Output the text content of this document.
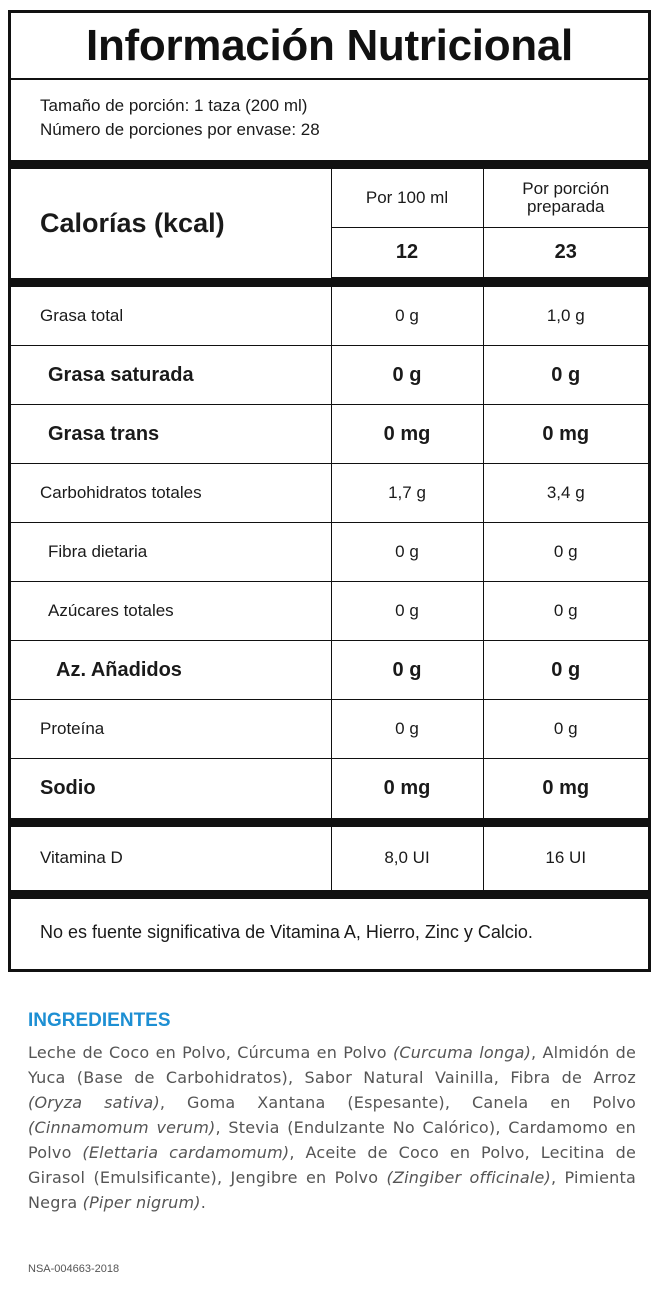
Información Nutricional
Tamaño de porción: 1 taza (200 ml)
Número de porciones por envase: 28
Calorías (kcal)	Por 100 ml	Por porción preparada

	12	23
Grasa total	0 g	1,0 g
Grasa saturada	0 g	0 g
Grasa trans	0 mg	0 mg
Carbohidratos totales	1,7 g	3,4 g
Fibra dietaria	0 g	0 g
Azúcares totales	0 g	0 g
Az. Añadidos	0 g	0 g
Proteína	0 g	0 g
Sodio	0 mg	0 mg
Vitamina D	8,0 UI	16 UI
No es fuente significativa de Vitamina A, Hierro, Zinc y Calcio.
INGREDIENTES

Leche de Coco en Polvo, Cúrcuma en Polvo (Curcuma longa), Almidón de Yuca (Base de Carbohidratos), Sabor Natural Vainilla, Fibra de Arroz (Oryza sativa), Goma Xantana (Espesante), Canela en Polvo (Cinnamomum verum), Stevia (Endulzante No Calórico), Cardamomo en Polvo (Elettaria cardamomum), Aceite de Coco en Polvo, Lecitina de Girasol (Emulsificante), Jengibre en Polvo (Zingiber officinale), Pimienta Negra (Piper nigrum).

NSA-004663-2018
